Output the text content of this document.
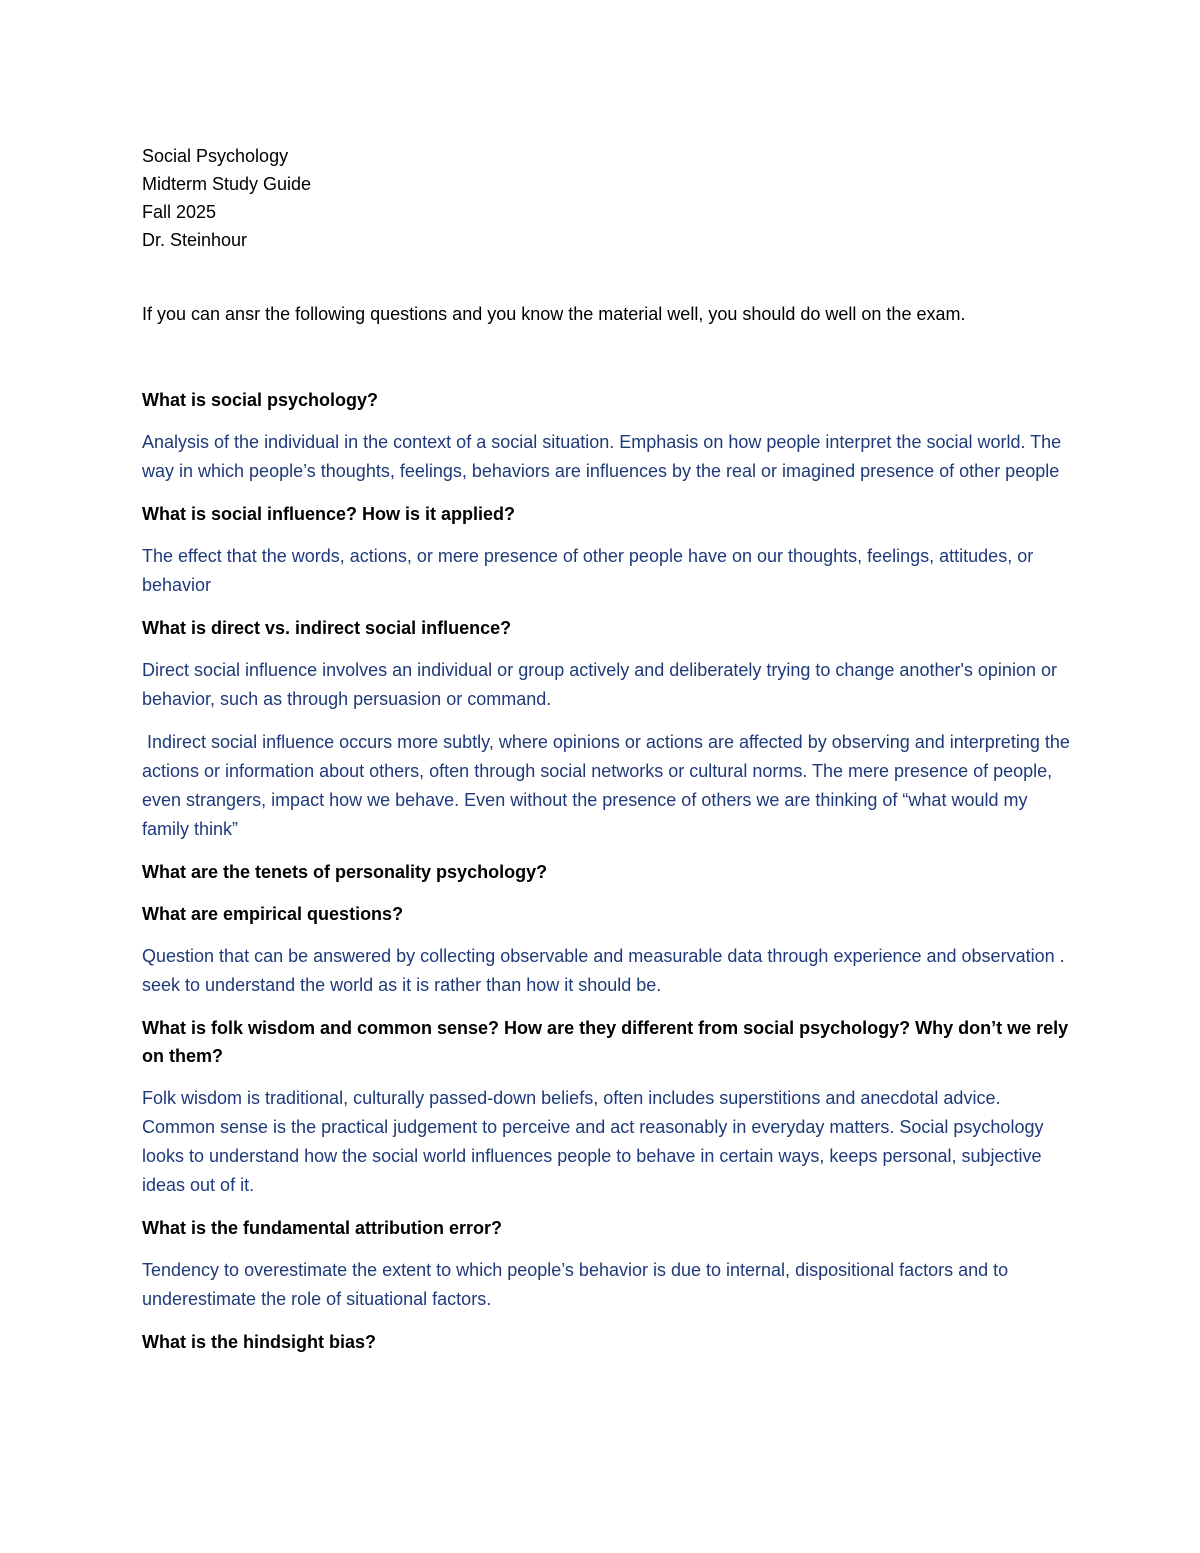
Social Psychology

Midterm Study Guide

Fall 2025

Dr. Steinhour

If you can ansr the following questions and you know the material well, you should do well on the exam.

What is social psychology?

Analysis of the individual in the context of a social situation. Emphasis on how people interpret the social world. The way in which people’s thoughts, feelings, behaviors are influences by the real or imagined presence of other people

What is social influence? How is it applied?

The effect that the words, actions, or mere presence of other people have on our thoughts, feelings, attitudes, or behavior

What is direct vs. indirect social influence?

Direct social influence involves an individual or group actively and deliberately trying to change another's opinion or behavior, such as through persuasion or command.

Indirect social influence occurs more subtly, where opinions or actions are affected by observing and interpreting the actions or information about others, often through social networks or cultural norms. The mere presence of people, even strangers, impact how we behave. Even without the presence of others we are thinking of “what would my family think”

What are the tenets of personality psychology?

What are empirical questions?

Question that can be answered by collecting observable and measurable data through experience and observation . seek to understand the world as it is rather than how it should be.

What is folk wisdom and common sense? How are they different from social psychology? Why don’t we rely on them?

Folk wisdom is traditional, culturally passed-down beliefs, often includes superstitions and anecdotal advice. Common sense is the practical judgement to perceive and act reasonably in everyday matters. Social psychology looks to understand how the social world influences people to behave in certain ways, keeps personal, subjective ideas out of it.

What is the fundamental attribution error?

Tendency to overestimate the extent to which people’s behavior is due to internal, dispositional factors and to underestimate the role of situational factors.

What is the hindsight bias?
